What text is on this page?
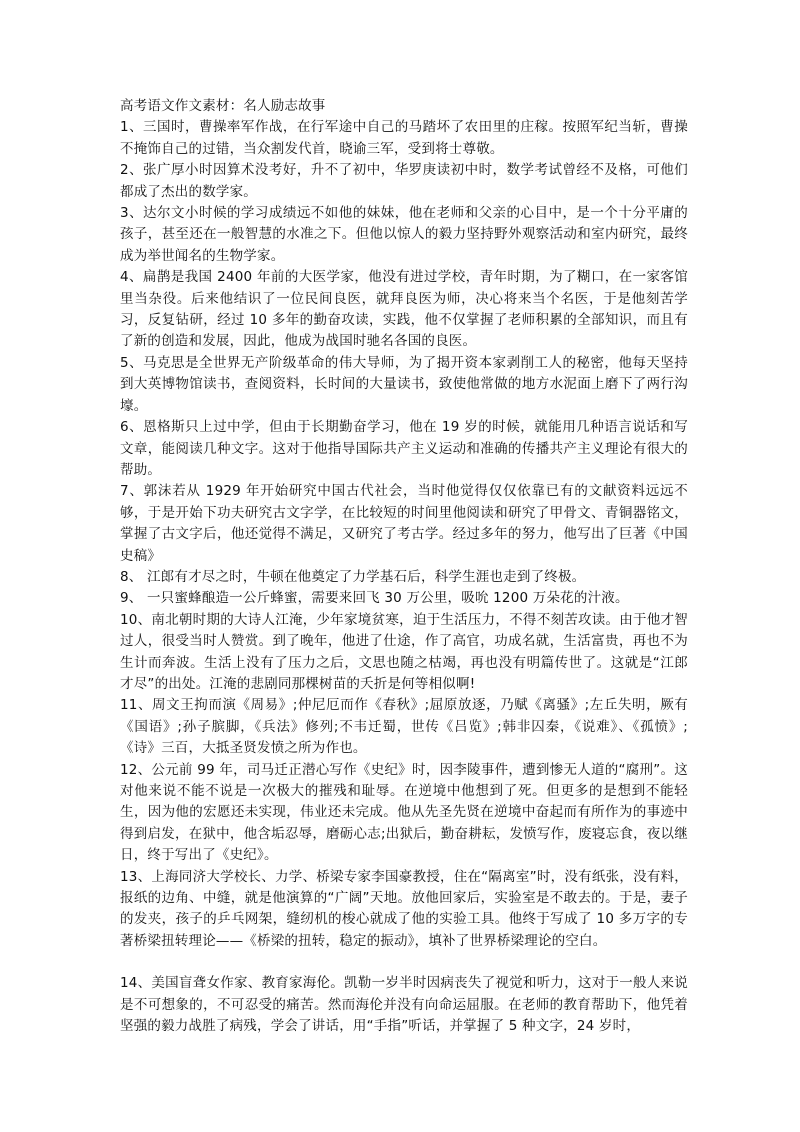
高考语文作文素材：名人励志故事

1、三国时，曹操率军作战，在行军途中自己的马踏坏了农田里的庄稼。按照军纪当斩，曹操不掩饰自己的过错，当众割发代首，晓谕三军，受到将士尊敬。

2、张广厚小时因算术没考好，升不了初中，华罗庚读初中时，数学考试曾经不及格，可他们都成了杰出的数学家。

3、达尔文小时候的学习成绩远不如他的妹妹，他在老师和父亲的心目中，是一个十分平庸的孩子，甚至还在一般智慧的水准之下。但他以惊人的毅力坚持野外观察活动和室内研究，最终成为举世闻名的生物学家。

4、扁鹊是我国 2400 年前的大医学家，他没有进过学校，青年时期，为了糊口，在一家客馆里当杂役。后来他结识了一位民间良医，就拜良医为师，决心将来当个名医，于是他刻苦学习，反复钻研，经过 10 多年的勤奋攻读，实践，他不仅掌握了老师积累的全部知识，而且有了新的创造和发展，因此，他成为战国时驰名各国的良医。

5、马克思是全世界无产阶级革命的伟大导师，为了揭开资本家剥削工人的秘密，他每天坚持到大英博物馆读书，查阅资料，长时间的大量读书，致使他常做的地方水泥面上磨下了两行沟壕。

6、恩格斯只上过中学，但由于长期勤奋学习，他在 19 岁的时候，就能用几种语言说话和写文章，能阅读几种文字。这对于他指导国际共产主义运动和准确的传播共产主义理论有很大的帮助。

7、郭沫若从 1929 年开始研究中国古代社会，当时他觉得仅仅依靠已有的文献资料远远不够，于是开始下功夫研究古文字学，在比较短的时间里他阅读和研究了甲骨文、青铜器铭文，掌握了古文字后，他还觉得不满足，又研究了考古学。经过多年的努力，他写出了巨著《中国史稿》

8、 江郎有才尽之时，牛顿在他奠定了力学基石后，科学生涯也走到了终极。

9、 一只蜜蜂酿造一公斤蜂蜜，需要来回飞 30 万公里，吸吮 1200 万朵花的汁液。

10、南北朝时期的大诗人江淹，少年家境贫寒，迫于生活压力，不得不刻苦攻读。由于他才智过人，很受当时人赞赏。到了晚年，他进了仕途，作了高官，功成名就，生活富贵，再也不为生计而奔波。生活上没有了压力之后，文思也随之枯竭，再也没有明篇传世了。这就是“江郎才尽”的出处。江淹的悲剧同那棵树苗的夭折是何等相似啊!

11、周文王拘而演《周易》;仲尼厄而作《春秋》;屈原放逐，乃赋《离骚》;左丘失明，厥有《国语》;孙子膑脚，《兵法》修列;不韦迁蜀，世传《吕览》;韩非囚秦，《说难》、《孤愤》;《诗》三百，大抵圣贤发愤之所为作也。

12、公元前 99 年，司马迁正潜心写作《史纪》时，因李陵事件，遭到惨无人道的“腐刑”。这对他来说不能不说是一次极大的摧残和耻辱。在逆境中他想到了死。但更多的是想到不能轻生，因为他的宏愿还未实现，伟业还未完成。他从先圣先贤在逆境中奋起而有所作为的事迹中得到启发，在狱中，他含垢忍辱，磨砺心志;出狱后，勤奋耕耘，发愤写作，废寝忘食，夜以继日，终于写出了《史纪》。

13、上海同济大学校长、力学、桥梁专家李国豪教授，住在“隔离室”时，没有纸张，没有料，报纸的边角、中缝，就是他演算的“广阔”天地。放他回家后，实验室是不敢去的。于是，妻子的发夹，孩子的乒乓网架，缝纫机的梭心就成了他的实验工具。他终于写成了 10 多万字的专著桥梁扭转理论——《桥梁的扭转，稳定的振动》，填补了世界桥梁理论的空白。

14、美国盲聋女作家、教育家海伦。凯勒一岁半时因病丧失了视觉和听力，这对于一般人来说是不可想象的，不可忍受的痛苦。然而海伦并没有向命运屈服。在老师的教育帮助下，他凭着坚强的毅力战胜了病残，学会了讲话，用“手指”听话，并掌握了 5 种文字，24 岁时，
